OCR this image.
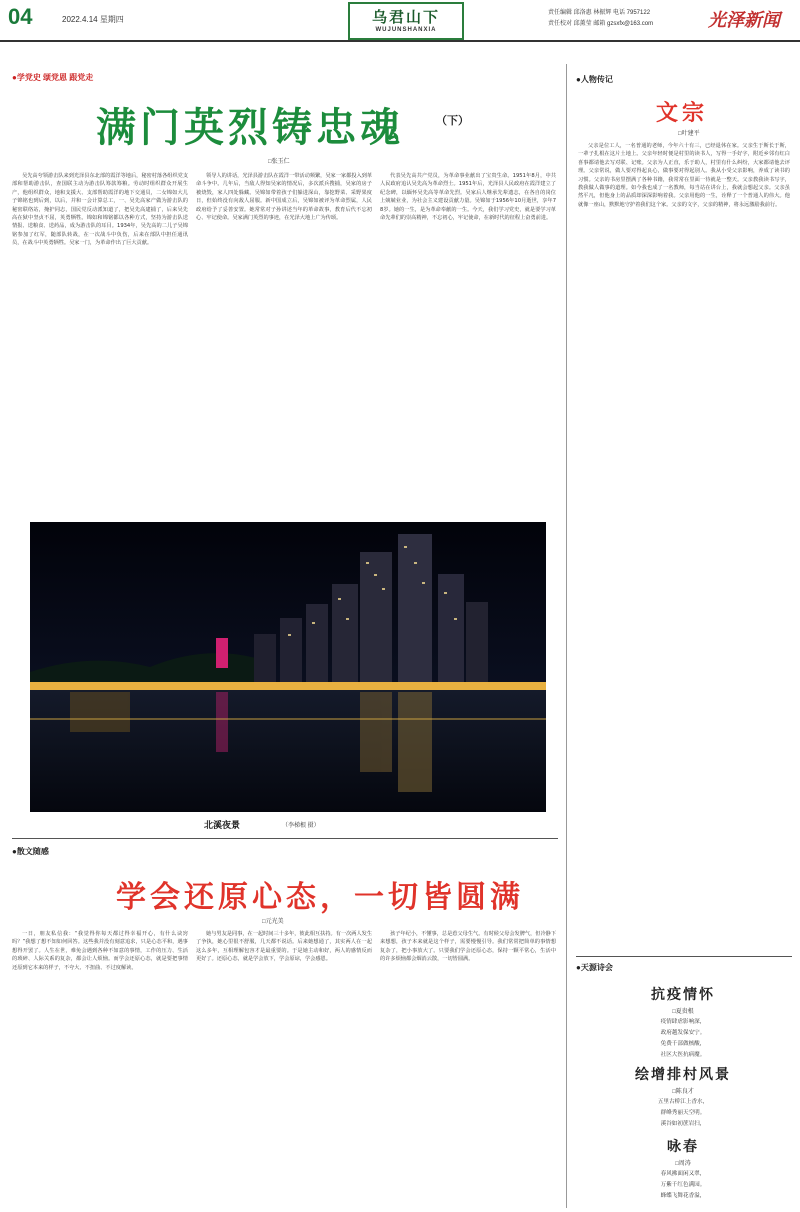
04	2022.4.14 星期四	乌君山下
WUJUNSHANXIA
责任编辑 邱洛惠 林振辉 电话 7957122
责任校对 邱薰莹 邮箱 gzsxfx@163.com	光泽新闻
●学党史 颂党恩 跟党走
满门英烈铸忠魂	（下）
□张玉仁

吴先高夸领游击队来到光泽县东北部的霞洋等地后，秘密村落各组织党支部和帮助游击队，查国联主动为游击队筹款筹粮。劳动时组织群众开展生产，他组织群众，地和支援大、支部帮助霞洋的地下交通员，二女锦如大儿子锦铭也到后到，以后，并和一会计算总工，一、吴先高家产做为游击队的秘密联络站，掩护同志，国民党反动派知道了，把吴先高逮捕了，后来吴先高在狱中坚贞不屈，英勇牺牲。锦如和锦铭都以各种方式，坚持为游击队送情报、送粮食、送药品，成为游击队的耳目。1934年，吴先高的二儿子吴锦铭参加了红军，随部队转战，在一次战斗中负伤，后来在部队中担任通讯员，在战斗中英勇牺牲。吴家一门，为革命作出了巨大贡献。

领导人的讲话，光泽县游击队在霞洋一带活动频繁，吴家一家都投入到革命斗争中。几年后，当敌人得知吴家的情况后，多次派兵搜捕，吴家的房子被烧毁，家人四处躲藏。吴锦如带着孩子们躲进深山，靠挖野菜、采野果度日，但始终没有向敌人屈服。新中国成立后，吴锦如被评为革命烈属，人民政府给予了妥善安置。她常常对子孙讲述当年的革命故事，教育后代不忘初心、牢记使命。吴家满门英烈的事迹，在光泽大地上广为传颂。

代表吴先高共产党员，为革命事业献出了宝贵生命。1951年8月，中共人民政府追认吴先高为革命烈士。1951年后，光泽县人民政府在霞洋建立了纪念碑，以缅怀吴先高等革命先烈。吴家后人继承先辈遗志，在各自的岗位上兢兢业业，为社会主义建设贡献力量。吴锦如于1956年10月逝世，享年78岁。她的一生，是为革命奉献的一生。今天，我们学习党史，就是要学习革命先辈们的崇高精神，不忘初心，牢记使命，在新时代的征程上奋勇前进。

北溪夜景	（李梯根 摄）
●散文随感
学会还原心态，一切皆圆满
□元光美

一日，朋友私信我：“我觉得你每天都过得幸福开心，有什么诀窍吗？”我想了想不知如何回答。这些我并没有刻意追求，只是心态平和，遇事想得开罢了。人生在世，难免会遇到各种不如意的事情，工作的压力、生活的琐碎、人际关系的复杂，都会让人烦恼。而学会还原心态，就是要把事情还原到它本来的样子，不夸大、不扭曲、不过度解读。

她与男友是同事，在一起时间三十多年，彼此相互扶持。有一次两人发生了争执，她心里很不舒服，几天都不说话。后来她想通了，其实两人在一起这么多年，互相理解包容才是最重要的。于是她主动和好，两人的感情反而更好了。还原心态，就是学会放下，学会原谅，学会感恩。

孩子年纪小，不懂事，总是惹父母生气。有时候父母会发脾气，但冷静下来想想，孩子本来就是这个样子，需要慢慢引导。我们常常把简单的事情想复杂了，把小事放大了。只要我们学会还原心态，保持一颗平常心，生活中的许多烦恼都会烟消云散，一切皆圆满。

●人物传记
文宗
□叶建平

父亲是位工人，一名普通的老师，今年六十有三，已经退休在家。父亲生于斯长于斯，一辈子扎根在这片土地上。父亲年轻时便是村里的读书人，写得一手好字，附近乡邻有红白喜事都请他去写对联、记账。父亲为人正直，乐于助人，村里有什么纠纷，大家都请他去评理。父亲常说，做人要对得起良心，做事要对得起别人。我从小受父亲影响，养成了读书的习惯。父亲的书房里摆满了各种书籍，我常常在里面一待就是一整天。父亲教我读书写字，教我做人做事的道理。如今我也成了一名教师，每当站在讲台上，我就会想起父亲。父亲虽然平凡，但他身上的品质却深深影响着我。父亲用他的一生，诠释了一个普通人的伟大。他就像一座山，默默地守护着我们这个家。父亲的文字，父亲的精神，将永远激励我前行。

●天源诗会
抗疫情怀
□夏贵根
疫情肆虐影响深，
政府越发保安宁。
免费千部做核酸，
社区大医抗病魔。
绘增排村风景
□陈良才
五里古桥江上香水，
群峰秀丽天空明。
溪谷如初蔗岩扫，
咏春
□周涛
春风拂面闲又翠，
万紫千红色满园。
蜂蝶飞舞花香溢，
